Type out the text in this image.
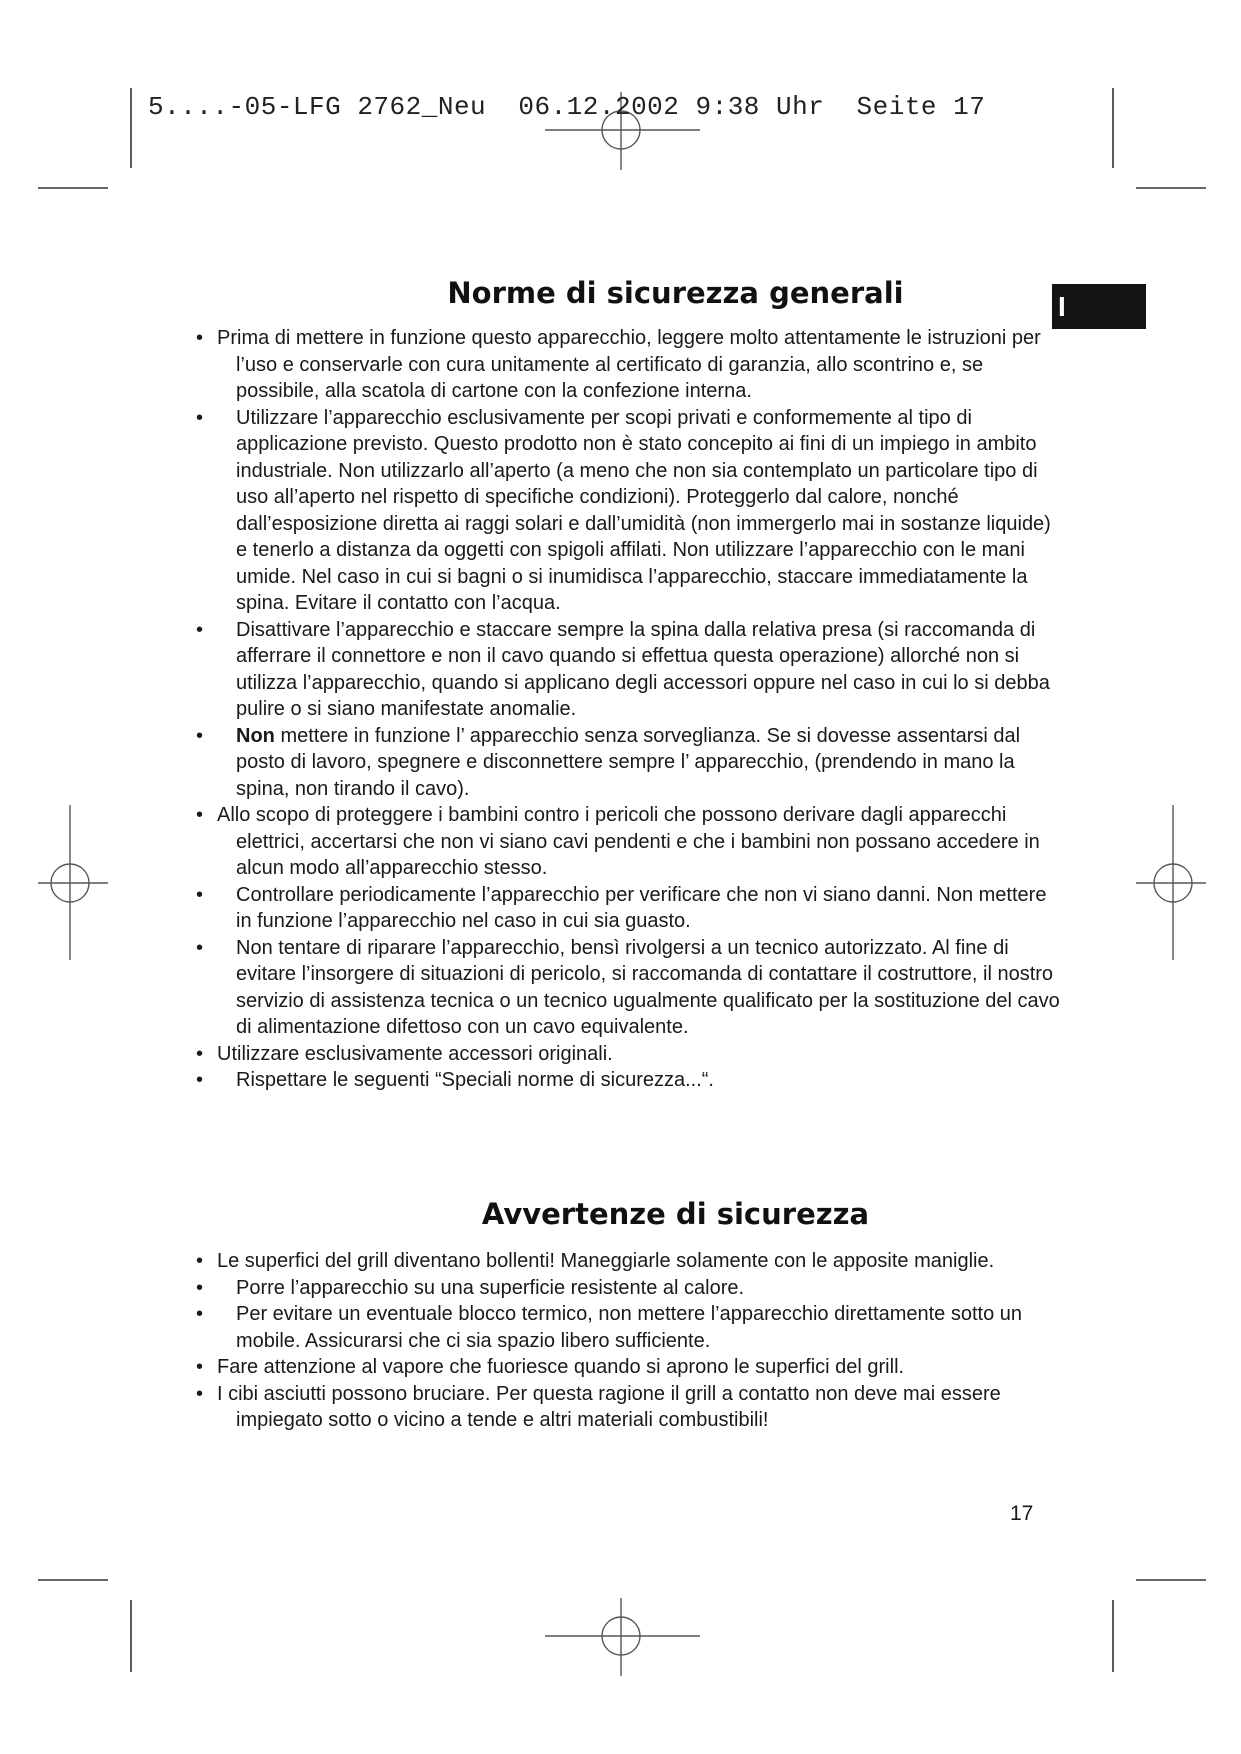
5....-05-LFG 2762_Neu  06.12.2002 9:38 Uhr  Seite 17

I
Norme di sicurezza generali
• Prima di mettere in funzione questo apparecchio, leggere molto attentamente le istruzioni per l’uso e conservarle con cura unitamente al certificato di garanzia, allo scontrino e, se possibile, alla scatola di cartone con la confezione interna.
• Utilizzare l’apparecchio esclusivamente per scopi privati e conformemente al tipo di applicazione previsto. Questo prodotto non è stato concepito ai fini di un impiego in ambito industriale. Non utilizzarlo all’aperto (a meno che non sia contemplato un particolare tipo di uso all’aperto nel rispetto di specifiche condizioni). Proteggerlo dal calore, nonché dall’esposizione diretta ai raggi solari e dall’umidità (non immergerlo mai in sostanze liquide) e tenerlo a distanza da oggetti con spigoli affilati. Non utilizzare l’apparecchio con le mani umide. Nel caso in cui si bagni o si inumidisca l’apparecchio, staccare immediatamente la spina. Evitare il contatto con l’acqua.
• Disattivare l’apparecchio e staccare sempre la spina dalla relativa presa (si raccomanda di afferrare il connettore e non il cavo quando si effettua questa operazione) allorché non si utilizza l’apparecchio, quando si applicano degli accessori oppure nel caso in cui lo si debba pulire o si siano manifestate anomalie.
• Non mettere in funzione l’ apparecchio senza sorveglianza. Se si dovesse assentarsi dal posto di lavoro, spegnere e disconnettere sempre l’ apparecchio, (prendendo in mano la spina, non tirando il cavo).
• Allo scopo di proteggere i bambini contro i pericoli che possono derivare dagli apparecchi elettrici, accertarsi che non vi siano cavi pendenti e che i bambini non possano accedere in alcun modo all’apparecchio stesso.
• Controllare periodicamente l’apparecchio per verificare che non vi siano danni. Non mettere in funzione l’apparecchio nel caso in cui sia guasto.
• Non tentare di riparare l’apparecchio, bensì rivolgersi a un tecnico autorizzato. Al fine di evitare l’insorgere di situazioni di pericolo, si raccomanda di contattare il costruttore, il nostro servizio di assistenza tecnica o un tecnico ugualmente qualificato per la sostituzione del cavo di alimentazione difettoso con un cavo equivalente.
• Utilizzare esclusivamente accessori originali.
• Rispettare le seguenti “Speciali norme di sicurezza...“.
Avvertenze di sicurezza
• Le superfici del grill diventano bollenti! Maneggiarle solamente con le apposite maniglie.
• Porre l’apparecchio su una superficie resistente al calore.
• Per evitare un eventuale blocco termico, non mettere l’apparecchio direttamente sotto un mobile. Assicurarsi che ci sia spazio libero sufficiente.
• Fare attenzione al vapore che fuoriesce quando si aprono le superfici del grill.
• I cibi asciutti possono bruciare. Per questa ragione il grill a contatto non deve mai essere impiegato sotto o vicino a tende e altri materiali combustibili!
17
